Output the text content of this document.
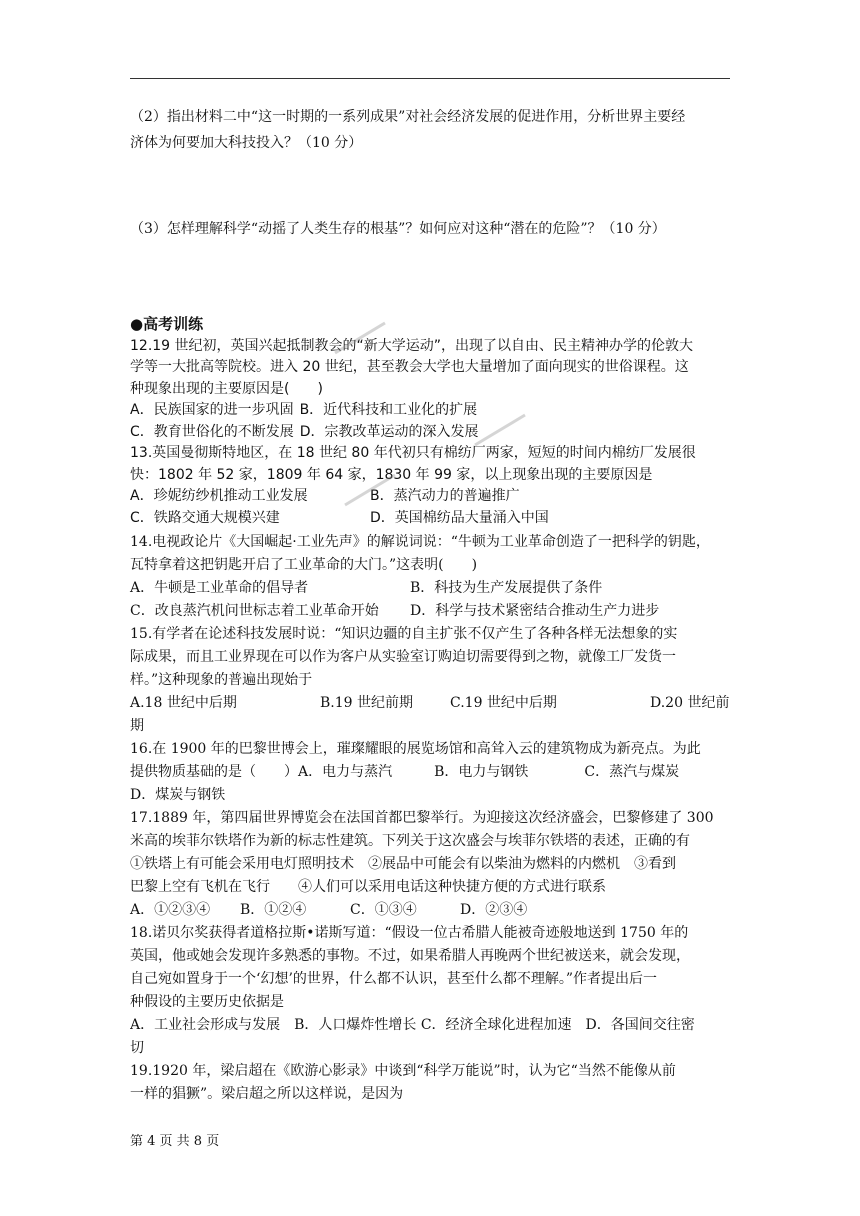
（2）指出材料二中“这一时期的一系列成果”对社会经济发展的促进作用，分析世界主要经
济体为何要加大科技投入？（10 分）
（3）怎样理解科学“动摇了人类生存的根基”？如何应对这种“潜在的危险”？（10 分）
●高考训练
12.19 世纪初，英国兴起抵制教会的“新大学运动”，出现了以自由、民主精神办学的伦敦大
学等一大批高等院校。进入 20 世纪，甚至教会大学也大量增加了面向现实的世俗课程。这
种现象出现的主要原因是(　　)
A．民族国家的进一步巩固 B．近代科技和工业化的扩展
C．教育世俗化的不断发展 D．宗教改革运动的深入发展
13.英国曼彻斯特地区，在 18 世纪 80 年代初只有棉纺厂两家，短短的时间内棉纺厂发展很
快：1802 年 52 家，1809 年 64 家，1830 年 99 家，以上现象出现的主要原因是
A．珍妮纺纱机推动工业发展	B．蒸汽动力的普遍推广
C．铁路交通大规模兴建	D．英国棉纺品大量涌入中国
14.电视政论片《大国崛起·工业先声》的解说词说：“牛顿为工业革命创造了一把科学的钥匙，
瓦特拿着这把钥匙开启了工业革命的大门。”这表明(　　)
A．牛顿是工业革命的倡导者	B．科技为生产发展提供了条件
C．改良蒸汽机问世标志着工业革命开始	D．科学与技术紧密结合推动生产力进步
15.有学者在论述科技发展时说：“知识边疆的自主扩张不仅产生了各种各样无法想象的实
际成果，而且工业界现在可以作为客户从实验室订购迫切需要得到之物，就像工厂发货一
样。”这种现象的普遍出现始于
A.18 世纪中后期	B.19 世纪前期	C.19 世纪中后期	D.20 世纪前
期
16.在 1900 年的巴黎世博会上，璀璨耀眼的展览场馆和高耸入云的建筑物成为新亮点。为此
提供物质基础的是（　　）A．电力与蒸汽　　　B．电力与钢铁　　　　C．蒸汽与煤炭
D．煤炭与钢铁
17.1889 年，第四届世界博览会在法国首都巴黎举行。为迎接这次经济盛会，巴黎修建了 300
米高的埃菲尔铁塔作为新的标志性建筑。下列关于这次盛会与埃菲尔铁塔的表述，正确的有
①铁塔上有可能会采用电灯照明技术　②展品中可能会有以柴油为燃料的内燃机　③看到
巴黎上空有飞机在飞行　　④人们可以采用电话这种快捷方便的方式进行联系
A．①②③④	B．①②④	C．①③④	D．②③④
18.诺贝尔奖获得者道格拉斯•诺斯写道：“假设一位古希腊人能被奇迹般地送到 1750 年的
英国，他或她会发现许多熟悉的事物。不过，如果希腊人再晚两个世纪被送来，就会发现，
自己宛如置身于一个‘幻想’的世界，什么都不认识，甚至什么都不理解。”作者提出后一
种假设的主要历史依据是
A．工业社会形成与发展　B．人口爆炸性增长 C．经济全球化进程加速　D．各国间交往密
切
19.1920 年，梁启超在《欧游心影录》中谈到“科学万能说”时，认为它“当然不能像从前
一样的猖獗”。梁启超之所以这样说，是因为
第 4 页 共 8 页
